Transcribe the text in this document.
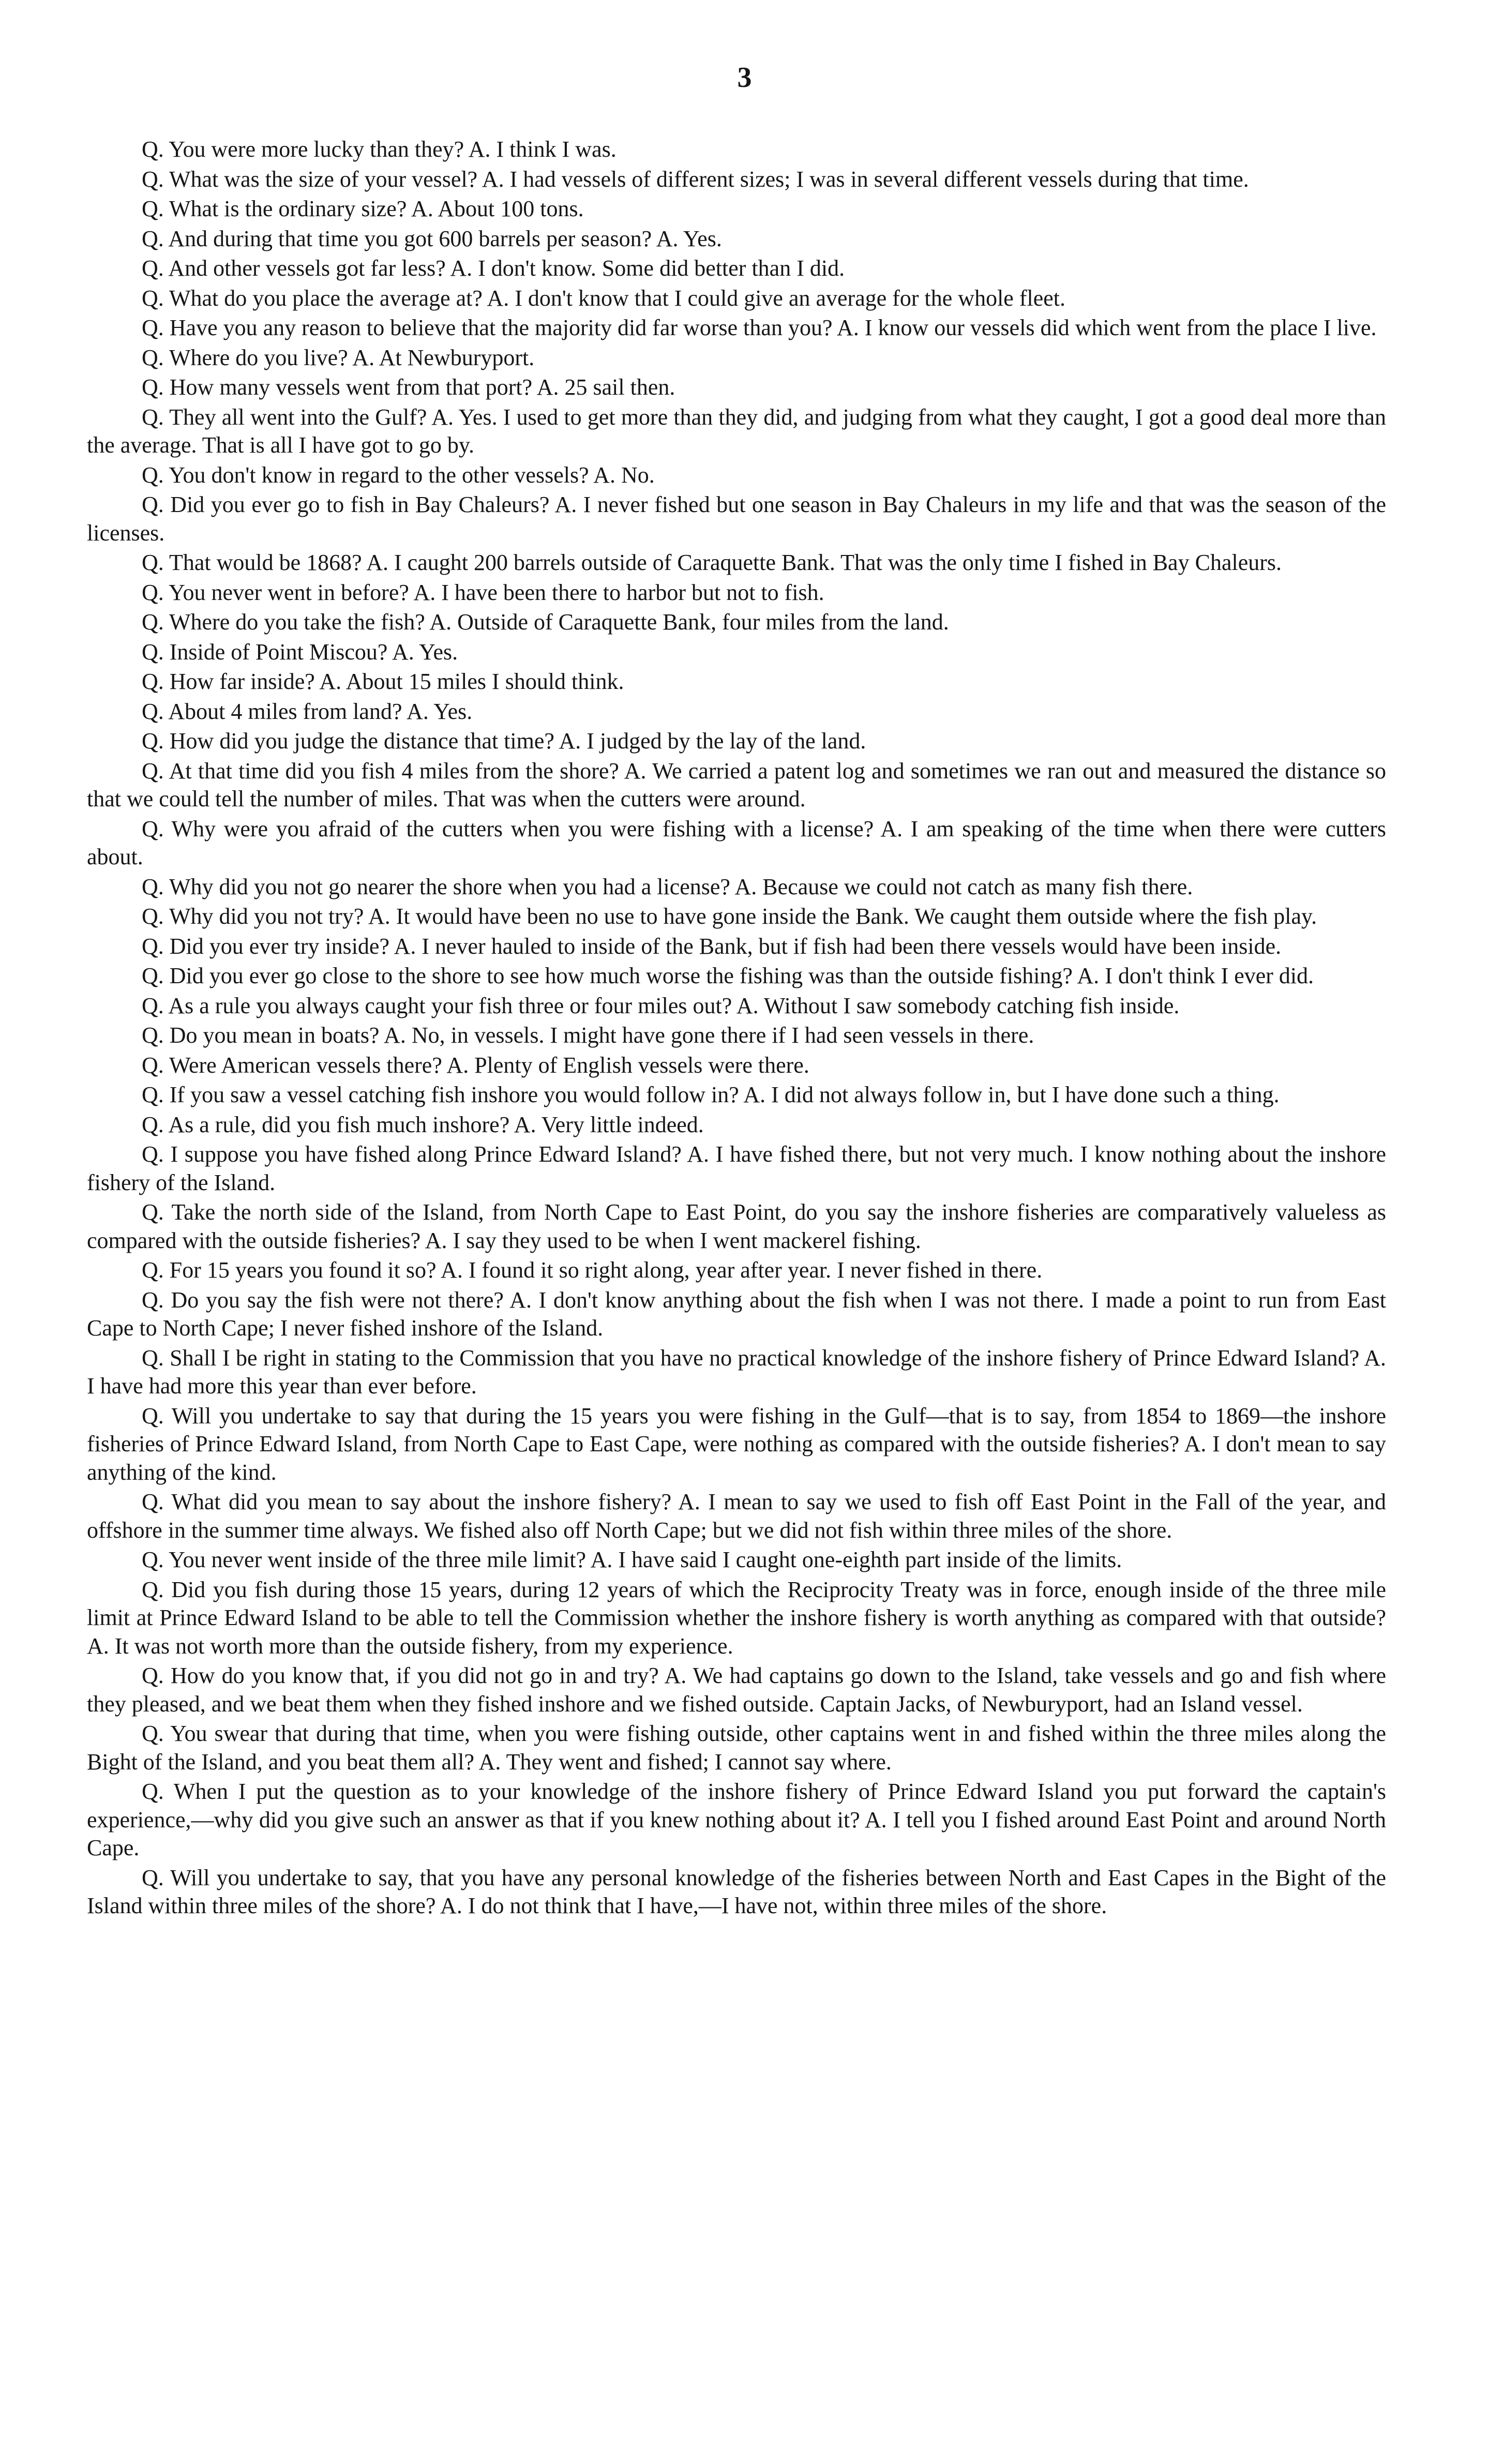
3

Q. You were more lucky than they? A. I think I was.

Q. What was the size of your vessel? A. I had vessels of different sizes; I was in several different vessels during that time.

Q. What is the ordinary size? A. About 100 tons.

Q. And during that time you got 600 barrels per season? A. Yes.

Q. And other vessels got far less? A. I don't know. Some did better than I did.

Q. What do you place the average at? A. I don't know that I could give an average for the whole fleet.

Q. Have you any reason to believe that the majority did far worse than you? A. I know our vessels did which went from the place I live.

Q. Where do you live? A. At Newburyport.

Q. How many vessels went from that port? A. 25 sail then.

Q. They all went into the Gulf? A. Yes. I used to get more than they did, and judging from what they caught, I got a good deal more than the average. That is all I have got to go by.

Q. You don't know in regard to the other vessels? A. No.

Q. Did you ever go to fish in Bay Chaleurs? A. I never fished but one season in Bay Chaleurs in my life and that was the season of the licenses.

Q. That would be 1868? A. I caught 200 barrels outside of Caraquette Bank. That was the only time I fished in Bay Chaleurs.

Q. You never went in before? A. I have been there to harbor but not to fish.

Q. Where do you take the fish? A. Outside of Caraquette Bank, four miles from the land.

Q. Inside of Point Miscou? A. Yes.

Q. How far inside? A. About 15 miles I should think.

Q. About 4 miles from land? A. Yes.

Q. How did you judge the distance that time? A. I judged by the lay of the land.

Q. At that time did you fish 4 miles from the shore? A. We carried a patent log and sometimes we ran out and measured the distance so that we could tell the number of miles. That was when the cutters were around.

Q. Why were you afraid of the cutters when you were fishing with a license? A. I am speaking of the time when there were cutters about.

Q. Why did you not go nearer the shore when you had a license? A. Because we could not catch as many fish there.

Q. Why did you not try? A. It would have been no use to have gone inside the Bank. We caught them outside where the fish play.

Q. Did you ever try inside? A. I never hauled to inside of the Bank, but if fish had been there vessels would have been inside.

Q. Did you ever go close to the shore to see how much worse the fishing was than the outside fishing? A. I don't think I ever did.

Q. As a rule you always caught your fish three or four miles out? A. Without I saw somebody catching fish inside.

Q. Do you mean in boats? A. No, in vessels. I might have gone there if I had seen vessels in there.

Q. Were American vessels there? A. Plenty of English vessels were there.

Q. If you saw a vessel catching fish inshore you would follow in? A. I did not always follow in, but I have done such a thing.

Q. As a rule, did you fish much inshore? A. Very little indeed.

Q. I suppose you have fished along Prince Edward Island? A. I have fished there, but not very much. I know nothing about the inshore fishery of the Island.

Q. Take the north side of the Island, from North Cape to East Point, do you say the inshore fisheries are comparatively valueless as compared with the outside fisheries? A. I say they used to be when I went mackerel fishing.

Q. For 15 years you found it so? A. I found it so right along, year after year. I never fished in there.

Q. Do you say the fish were not there? A. I don't know anything about the fish when I was not there. I made a point to run from East Cape to North Cape; I never fished inshore of the Island.

Q. Shall I be right in stating to the Commission that you have no practical knowledge of the inshore fishery of Prince Edward Island? A. I have had more this year than ever before.

Q. Will you undertake to say that during the 15 years you were fishing in the Gulf—that is to say, from 1854 to 1869—the inshore fisheries of Prince Edward Island, from North Cape to East Cape, were nothing as compared with the outside fisheries? A. I don't mean to say anything of the kind.

Q. What did you mean to say about the inshore fishery? A. I mean to say we used to fish off East Point in the Fall of the year, and offshore in the summer time always. We fished also off North Cape; but we did not fish within three miles of the shore.

Q. You never went inside of the three mile limit? A. I have said I caught one-eighth part inside of the limits.

Q. Did you fish during those 15 years, during 12 years of which the Reciprocity Treaty was in force, enough inside of the three mile limit at Prince Edward Island to be able to tell the Commission whether the inshore fishery is worth anything as compared with that outside? A. It was not worth more than the outside fishery, from my experience.

Q. How do you know that, if you did not go in and try? A. We had captains go down to the Island, take vessels and go and fish where they pleased, and we beat them when they fished inshore and we fished outside. Captain Jacks, of Newburyport, had an Island vessel.

Q. You swear that during that time, when you were fishing outside, other captains went in and fished within the three miles along the Bight of the Island, and you beat them all? A. They went and fished; I cannot say where.

Q. When I put the question as to your knowledge of the inshore fishery of Prince Edward Island you put forward the captain's experience,—why did you give such an answer as that if you knew nothing about it? A. I tell you I fished around East Point and around North Cape.

Q. Will you undertake to say, that you have any personal knowledge of the fisheries between North and East Capes in the Bight of the Island within three miles of the shore? A. I do not think that I have,—I have not, within three miles of the shore.
